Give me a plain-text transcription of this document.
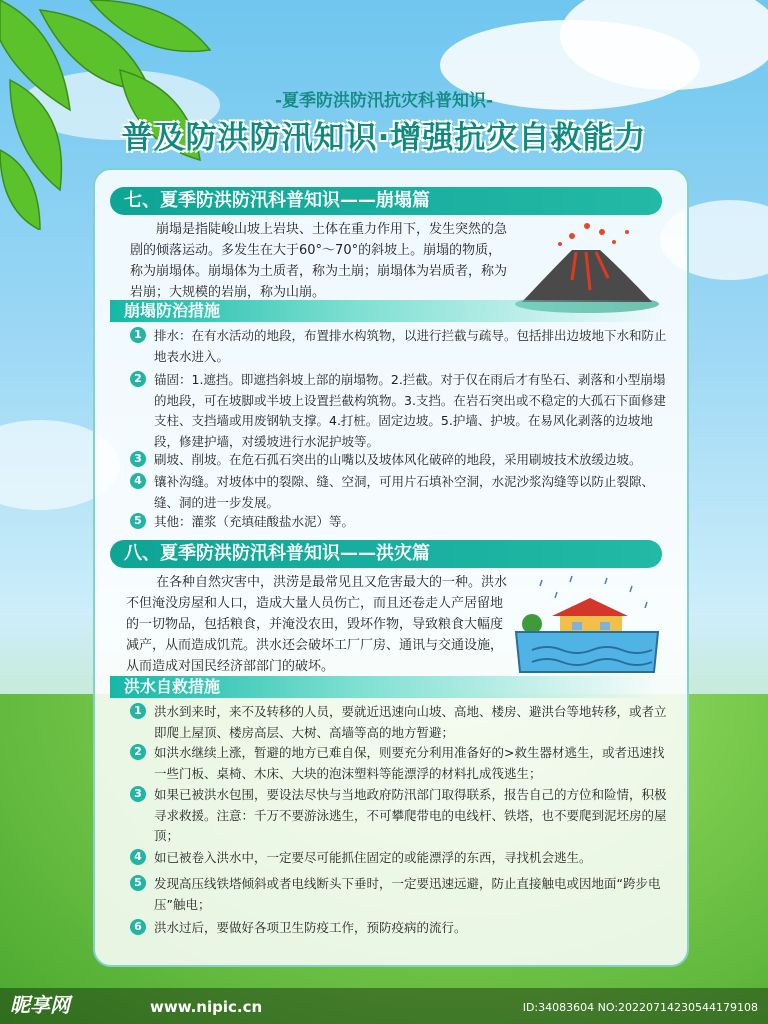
-夏季防洪防汛抗灾科普知识-
普及防洪防汛知识·增强抗灾自救能力
七、夏季防洪防汛科普知识——崩塌篇
崩塌是指陡峻山坡上岩块、土体在重力作用下，发生突然的急剧的倾落运动。多发生在大于60°～70°的斜坡上。崩塌的物质，称为崩塌体。崩塌体为土质者，称为土崩；崩塌体为岩质者，称为岩崩；大规模的岩崩，称为山崩。
崩塌防治措施
1 排水：在有水活动的地段，布置排水构筑物，以进行拦截与疏导。包括排出边坡地下水和防止地表水进入。
2 锚固：1.遮挡。即遮挡斜坡上部的崩塌物。2.拦截。对于仅在雨后才有坠石、剥落和小型崩塌的地段，可在坡脚或半坡上设置拦截构筑物。3.支挡。在岩石突出或不稳定的大孤石下面修建支柱、支挡墙或用废钢轨支撑。4.打桩。固定边坡。5.护墙、护坡。在易风化剥落的边坡地段，修建护墙，对缓坡进行水泥护坡等。
3 刷坡、削坡。在危石孤石突出的山嘴以及坡体风化破碎的地段，采用刷坡技术放缓边坡。
4 镶补沟缝。对坡体中的裂隙、缝、空洞，可用片石填补空洞，水泥沙浆沟缝等以防止裂隙、缝、洞的进一步发展。
5 其他：灌浆（充填硅酸盐水泥）等。
八、夏季防洪防汛科普知识——洪灾篇
在各种自然灾害中，洪涝是最常见且又危害最大的一种。洪水不但淹没房屋和人口，造成大量人员伤亡，而且还卷走人产居留地的一切物品，包括粮食，并淹没农田，毁坏作物，导致粮食大幅度减产，从而造成饥荒。洪水还会破坏工厂厂房、通讯与交通设施，从而造成对国民经济部部门的破坏。
洪水自救措施
1 洪水到来时，来不及转移的人员，要就近迅速向山坡、高地、楼房、避洪台等地转移，或者立即爬上屋顶、楼房高层、大树、高墙等高的地方暂避；
2 如洪水继续上涨，暂避的地方已难自保，则要充分利用准备好的>救生器材逃生，或者迅速找一些门板、桌椅、木床、大块的泡沫塑料等能漂浮的材料扎成筏逃生；
3 如果已被洪水包围，要设法尽快与当地政府防汛部门取得联系，报告自己的方位和险情，积极寻求救援。注意：千万不要游泳逃生，不可攀爬带电的电线杆、铁塔，也不要爬到泥坯房的屋顶；
4 如已被卷入洪水中，一定要尽可能抓住固定的或能漂浮的东西，寻找机会逃生。
5 发现高压线铁塔倾斜或者电线断头下垂时，一定要迅速远避，防止直接触电或因地面“跨步电压”触电；
6 洪水过后，要做好各项卫生防疫工作，预防疫病的流行。
昵享网	www.nipic.cn	ID:34083604 NO:20220714230544179108
